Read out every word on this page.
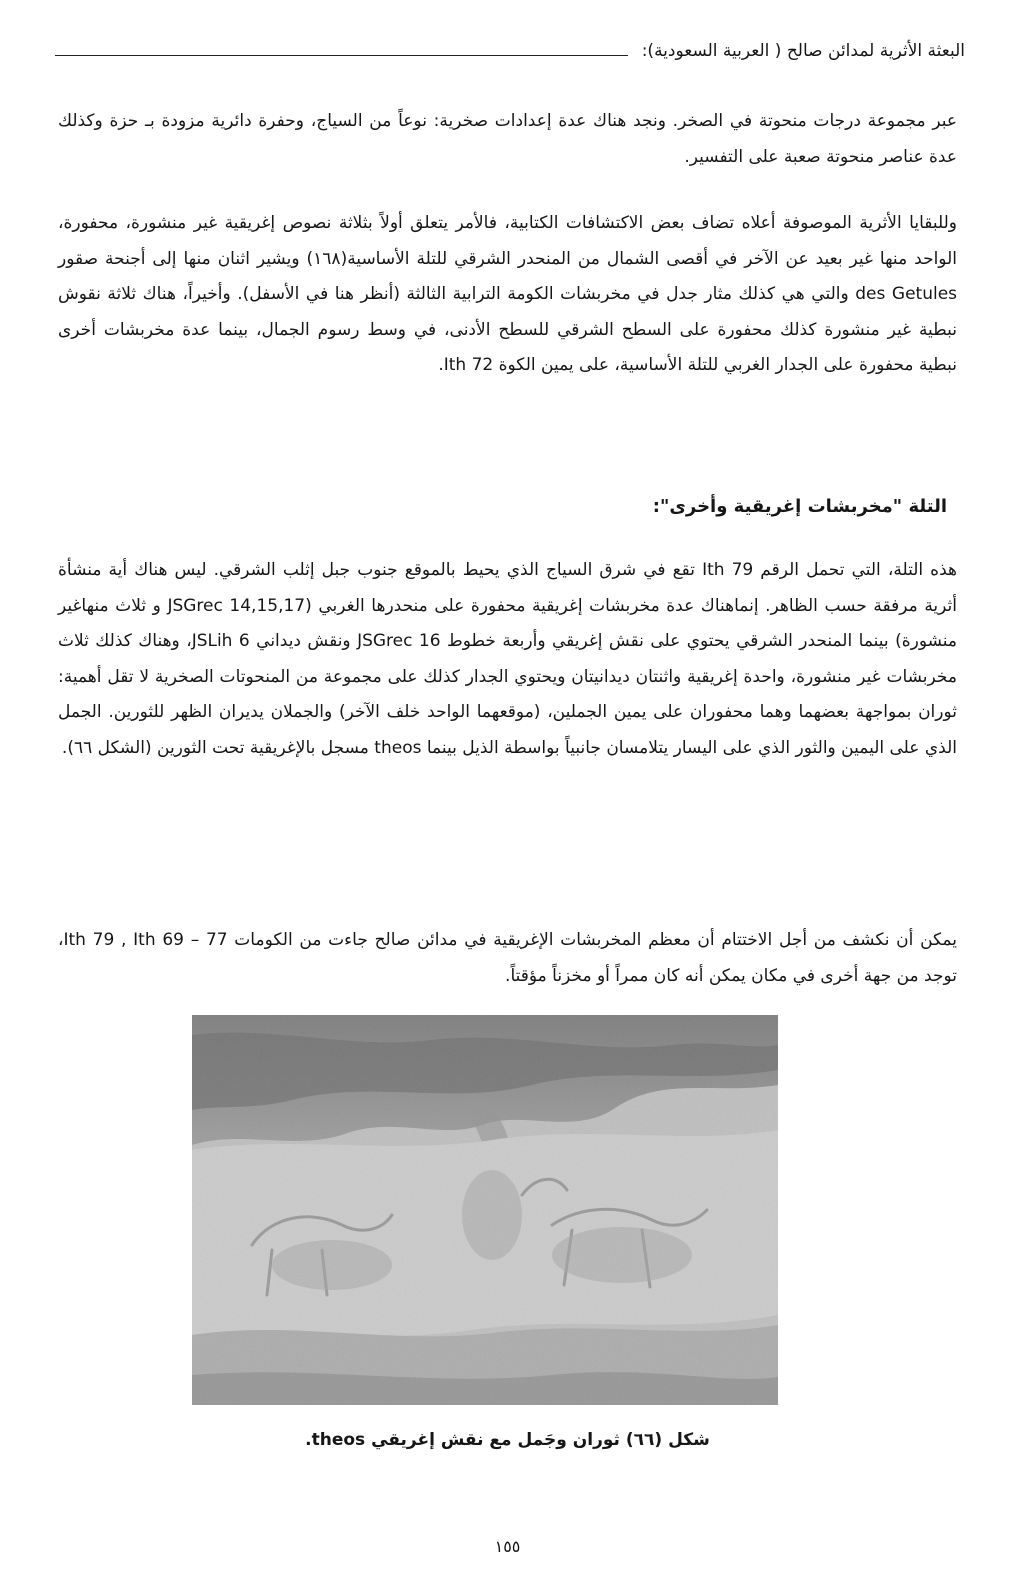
البعثة الأثرية لمدائن صالح ( العربية السعودية):

عبر مجموعة درجات منحوتة في الصخر. ونجد هناك عدة إعدادات صخرية: نوعاً من السياج، وحفرة دائرية مزودة بـ حزة وكذلك عدة عناصر منحوتة صعبة على التفسير.

وللبقايا الأثرية الموصوفة أعلاه تضاف بعض الاكتشافات الكتابية، فالأمر يتعلق أولاً بثلاثة نصوص إغريقية غير منشورة، محفورة، الواحد منها غير بعيد عن الآخر في أقصى الشمال من المنحدر الشرقي للتلة الأساسية(١٦٨) ويشير اثنان منها إلى أجنحة صقور des Getules والتي هي كذلك مثار جدل في مخربشات الكومة الترابية الثالثة (أنظر هنا في الأسفل). وأخيراً، هناك ثلاثة نقوش نبطية غير منشورة كذلك محفورة على السطح الشرقي للسطح الأدنى، في وسط رسوم الجمال، بينما عدة مخربشات أخرى نبطية محفورة على الجدار الغربي للتلة الأساسية، على يمين الكوة Ith 72.

التلة "مخربشات إغريقية وأخرى":

هذه التلة، التي تحمل الرقم Ith 79 تقع في شرق السياج الذي يحيط بالموقع جنوب جبل إثلب الشرقي. ليس هناك أية منشأة أثرية مرفقة حسب الظاهر. إنماهناك عدة مخربشات إغريقية محفورة على منحدرها الغربي (JSGrec 14,15,17 و ثلاث منهاغير منشورة) بينما المنحدر الشرقي يحتوي على نقش إغريقي وأربعة خطوط JSGrec 16 ونقش ديداني JSLih 6، وهناك كذلك ثلاث مخربشات غير منشورة، واحدة إغريقية واثنتان ديدانيتان ويحتوي الجدار كذلك على مجموعة من المنحوتات الصخرية لا تقل أهمية: ثوران بمواجهة بعضهما وهما محفوران على يمين الجملين، (موقعهما الواحد خلف الآخر) والجملان يديران الظهر للثورين. الجمل الذي على اليمين والثور الذي على اليسار يتلامسان جانبياً بواسطة الذيل بينما theos مسجل بالإغريقية تحت الثورين (الشكل ٦٦).

يمكن أن نكشف من أجل الاختتام أن معظم المخربشات الإغريقية في مدائن صالح جاءت من الكومات 77 – Ith 79 , Ith 69، توجد من جهة أخرى في مكان يمكن أنه كان ممراً أو مخزناً مؤقتاً.

شكل (٦٦) ثوران وجَمل مع نقش إغريقي theos.
١٥٥
